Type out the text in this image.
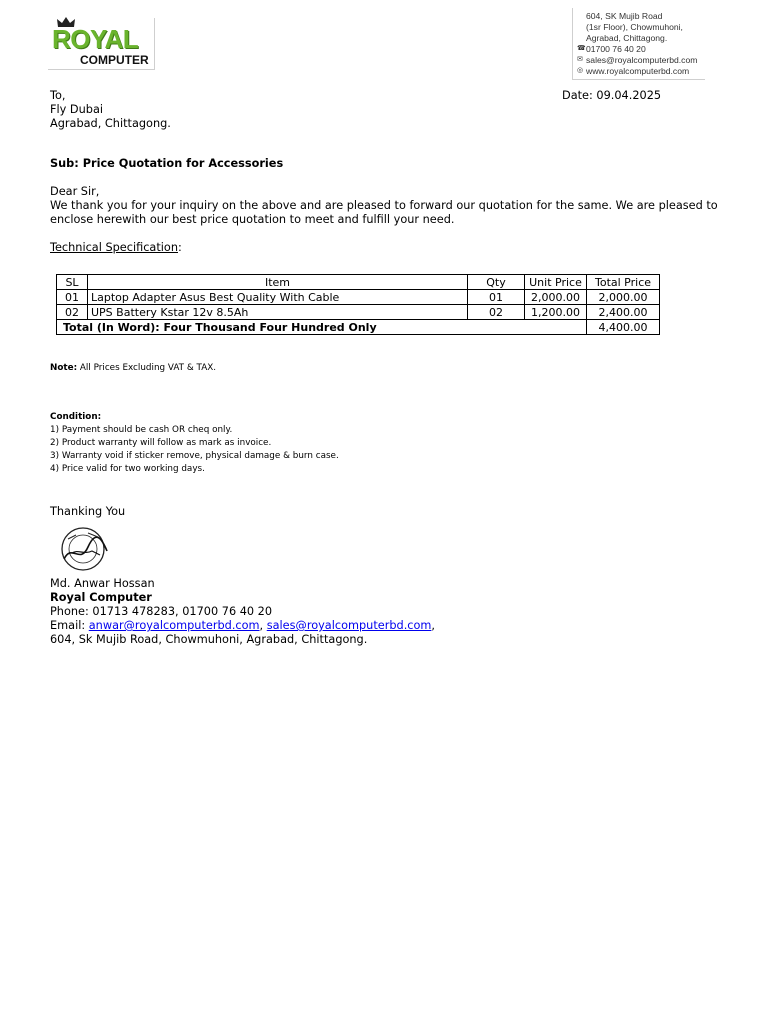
ROYAL
COMPUTER
604, SK Mujib Road
(1sr Floor), Chowmuhoni,
Agrabad, Chittagong.
☎ 01700 76 40 20
✉ sales@royalcomputerbd.com
◎ www.royalcomputerbd.com
To,
Fly Dubai
Agrabad, Chittagong.
Date: 09.04.2025
Sub: Price Quotation for Accessories
Dear Sir,
We thank you for your inquiry on the above and are pleased to forward our quotation for the same. We are pleased to
enclose herewith our best price quotation to meet and fulfill your need.
Technical Specification:
SL	Item	Qty	Unit Price	Total Price
01	Laptop Adapter Asus Best Quality With Cable	01	2,000.00	2,000.00
02	UPS Battery Kstar 12v 8.5Ah	02	1,200.00	2,400.00
Total (In Word): Four Thousand Four Hundred Only				4,400.00
Note: All Prices Excluding VAT & TAX.
Condition:
1) Payment should be cash OR cheq only.
2) Product warranty will follow as mark as invoice.
3) Warranty void if sticker remove, physical damage & burn case.
4) Price valid for two working days.
Thanking You
Md. Anwar Hossan
Royal Computer
Phone: 01713 478283, 01700 76 40 20
Email: anwar@royalcomputerbd.com, sales@royalcomputerbd.com,
604, Sk Mujib Road, Chowmuhoni, Agrabad, Chittagong.
